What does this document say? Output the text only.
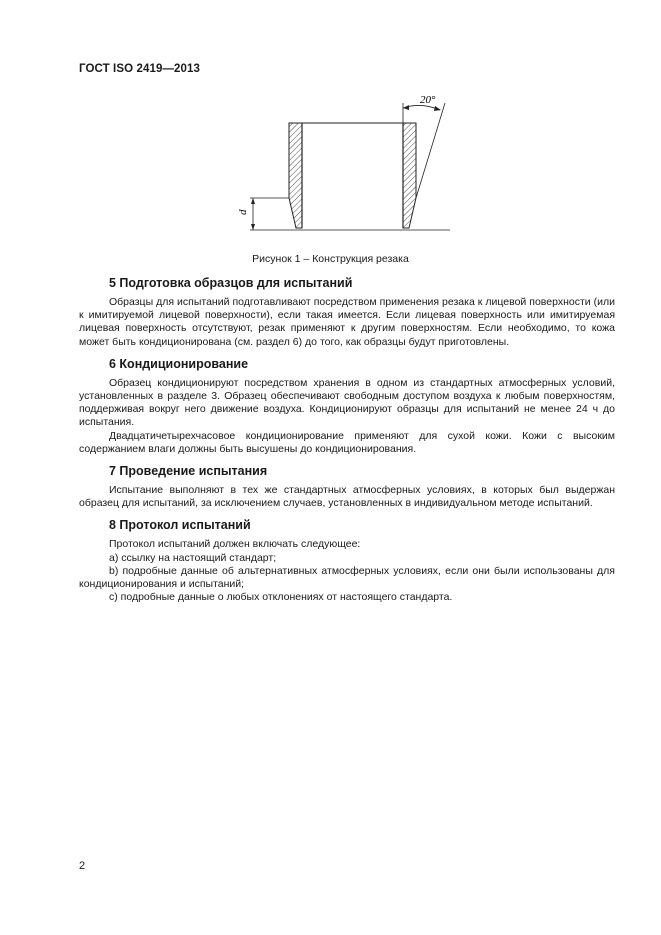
ГОСТ ISO 2419—2013
d
20°
Рисунок 1 – Конструкция резака
5 Подготовка образцов для испытаний

Образцы для испытаний подготавливают посредством применения резака к лицевой поверхности (или к имитируемой лицевой поверхности), если такая имеется. Если лицевая поверхность или имитируемая лицевая поверхность отсутствуют, резак применяют к другим поверхностям. Если необходимо, то кожа может быть кондиционирована (см. раздел 6) до того, как образцы будут приготовлены.

6 Кондиционирование

Образец кондиционируют посредством хранения в одном из стандартных атмосферных условий, установленных в разделе 3. Образец обеспечивают свободным доступом воздуха к любым поверхностям, поддерживая вокруг него движение воздуха. Кондиционируют образцы для испытаний не менее 24 ч до испытания.

Двадцатичетырехчасовое кондиционирование применяют для сухой кожи. Кожи с высоким содержанием влаги должны быть высушены до кондиционирования.

7 Проведение испытания

Испытание выполняют в тех же стандартных атмосферных условиях, в которых был выдержан образец для испытаний, за исключением случаев, установленных в индивидуальном методе испытаний.

8 Протокол испытаний

Протокол испытаний должен включать следующее:

a) ссылку на настоящий стандарт;

b) подробные данные об альтернативных атмосферных условиях, если они были использованы для кондиционирования и испытаний;

c) подробные данные о любых отклонениях от настоящего стандарта.

2
